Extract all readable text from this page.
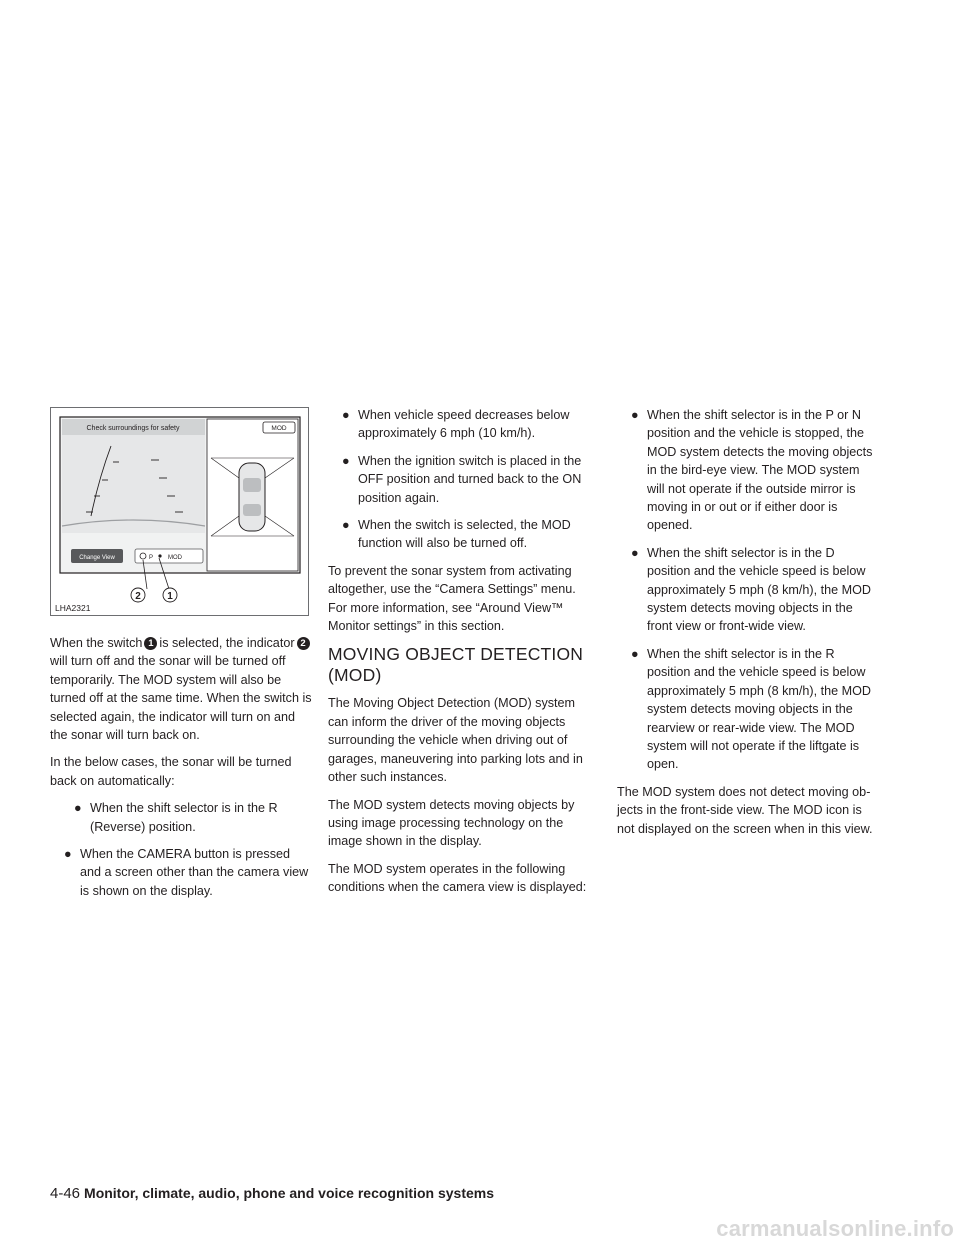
Check surroundings for safety
Change View	P MOD
MOD
2	1
LHA2321

When the switch 1 is selected, the indicator 2will turn off and the sonar will be turned off temporarily. The MOD system will also be turned off at the same time. When the switch is selected again, the indicator will turn on and the sonar will turn back on.

In the below cases, the sonar will be turned back on automatically:

● When the shift selector is in the R (Reverse) position.
● When the CAMERA button is pressed and a screen other than the camera view is shown on the display.
● When vehicle speed decreases below approximately 6 mph (10 km/h).
● When the ignition switch is placed in the OFF position and turned back to the ON position again.
● When the switch is selected, the MOD function will also be turned off.

To prevent the sonar system from activating altogether, use the “Camera Settings” menu. For more information, see “Around View™ Monitor settings” in this section.

MOVING OBJECT DETECTION (MOD)

The Moving Object Detection (MOD) system can inform the driver of the moving objects surrounding the vehicle when driving out of garages, maneuvering into parking lots and in other such instances.

The MOD system detects moving objects by using image processing technology on the image shown in the display.

The MOD system operates in the following conditions when the camera view is displayed:

● When the shift selector is in the P or N position and the vehicle is stopped, the MOD system detects the moving objects in the bird-eye view. The MOD system will not operate if the outside mirror is moving in or out or if either door is opened.
● When the shift selector is in the D position and the vehicle speed is below approximately 5 mph (8 km/h), the MOD system detects moving objects in the front view or front-wide view.
● When the shift selector is in the R position and the vehicle speed is below approximately 5 mph (8 km/h), the MOD system detects moving objects in the rearview or rear-wide view. The MOD system will not operate if the liftgate is open.

The MOD system does not detect moving objects in the front-side view. The MOD icon is not displayed on the screen when in this view.

4-46 Monitor, climate, audio, phone and voice recognition systems
carmanualsonline.info
